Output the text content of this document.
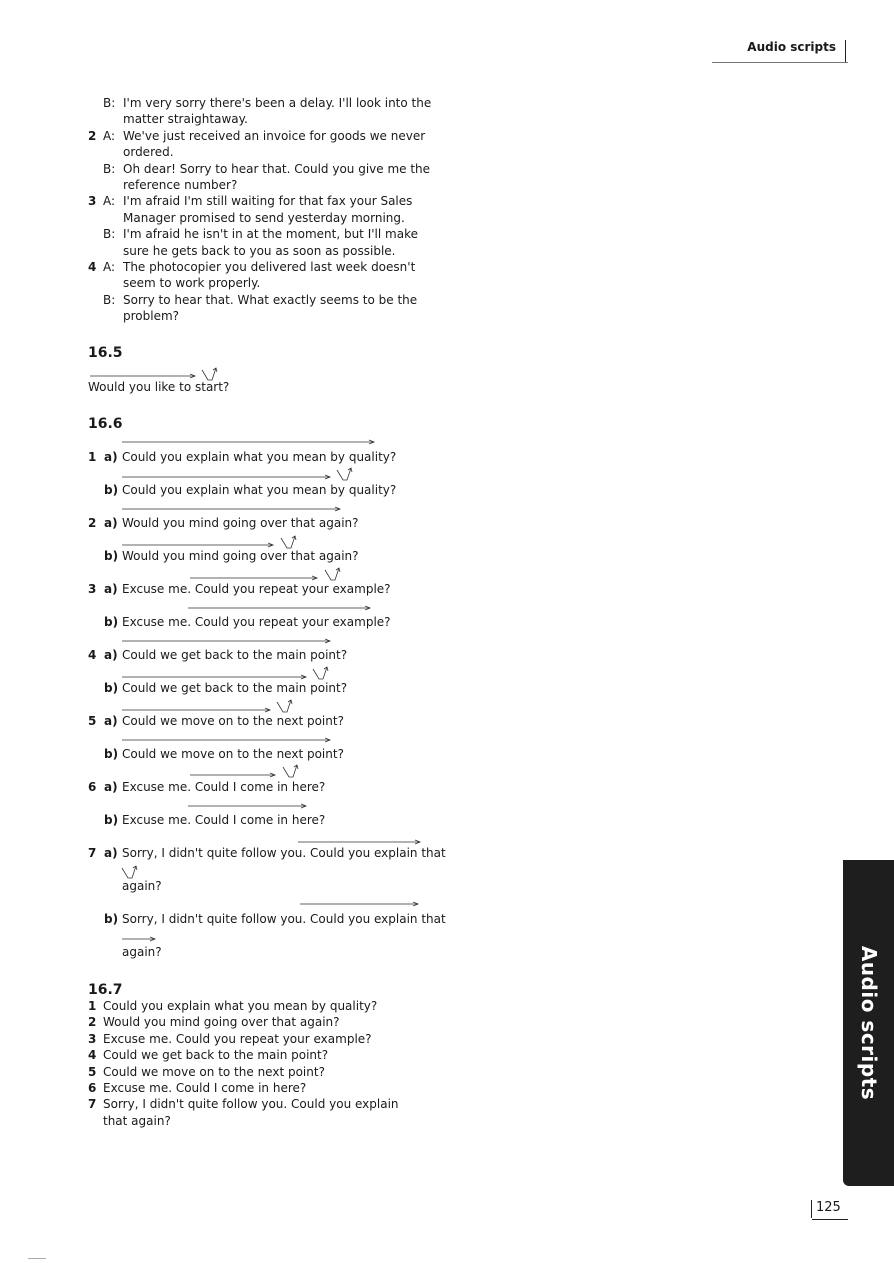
Audio scripts
B: I'm very sorry there's been a delay. I'll look into the matter straightaway.
2 A: We've just received an invoice for goods we never ordered.
B: Oh dear! Sorry to hear that. Could you give me the reference number?
3 A: I'm afraid I'm still waiting for that fax your Sales Manager promised to send yesterday morning.
B: I'm afraid he isn't in at the moment, but I'll make sure he gets back to you as soon as possible.
4 A: The photocopier you delivered last week doesn't seem to work properly.
B: Sorry to hear that. What exactly seems to be the problem?
16.5
Would you like to start?
16.6
1 a) Could you explain what you mean by quality?
b) Could you explain what you mean by quality?
2 a) Would you mind going over that again?
b) Would you mind going over that again?
3 a) Excuse me. Could you repeat your example?
b) Excuse me. Could you repeat your example?
4 a) Could we get back to the main point?
b) Could we get back to the main point?
5 a) Could we move on to the next point?
b) Could we move on to the next point?
6 a) Excuse me. Could I come in here?
b) Excuse me. Could I come in here?
7 a) Sorry, I didn't quite follow you. Could you explain that
again?
b) Sorry, I didn't quite follow you. Could you explain that
again?
16.7
1 Could you explain what you mean by quality?
2 Would you mind going over that again?
3 Excuse me. Could you repeat your example?
4 Could we get back to the main point?
5 Could we move on to the next point?
6 Excuse me. Could I come in here?
7 Sorry, I didn't quite follow you. Could you explain that again?
Audio scripts
125
